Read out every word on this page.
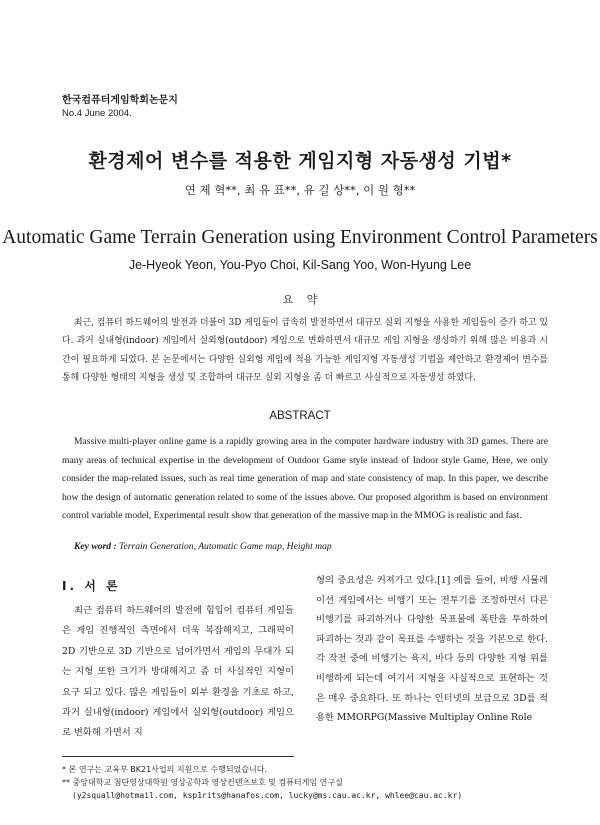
한국컴퓨터게임학회논문지
No.4 June 2004.
환경제어 변수를 적용한 게임지형 자동생성 기법*
연 제 혁**, 최 유 표**, 유 길 상**, 이 원 형**
Automatic Game Terrain Generation using Environment Control Parameters
Je-Hyeok Yeon, You-Pyo Choi, Kil-Sang Yoo, Won-Hyung Lee
요 약

최근, 컴퓨터 하드웨어의 발전과 더불어 3D 게임들이 급속히 발전하면서 대규모 실외 지형을 사용한 게임들이 증가 하고 있다. 과거 실내형(indoor) 게임에서 실외형(outdoor) 게임으로 변화하면서 대규모 게임 지형을 생성하기 위해 많은 비용과 시간이 필요하게 되었다. 본 논문에서는 다양한 실외형 게임에 적용 가능한 게임지형 자동생성 기법을 제안하고 환경제어 변수를 통해 다양한 형태의 지형을 생성 및 조합하여 대규모 실외 지형을 좀 더 빠르고 사실적으로 자동생성 하였다.

ABSTRACT

Massive multi-player online game is a rapidly growing area in the computer hardware industry with 3D games. There are many areas of technical expertise in the development of Outdoor Game style instead of Indoor style Game, Here, we only consider the map-related issues, such as real time generation of map and state consistency of map. In this paper, we describe how the design of automatic generation related to some of the issues above. Our proposed algorithm is based on environment control variable model, Experimental result show that generation of the massive map in the MMOG is realistic and fast.

Key word : Terrain Generation, Automatic Game map, Height map
Ⅰ. 서 론

최근 컴퓨터 하드웨어의 발전에 힘입어 컴퓨터 게임들은 게임 진행적인 측면에서 더욱 복잡해지고, 그래픽이 2D 기반으로 3D 기반으로 넘어가면서 게임의 무대가 되는 지형 또한 크기가 방대해지고 좀 더 사실적인 지형이 요구 되고 있다. 많은 게임들이 외부 환경을 기초로 하고, 과거 실내형(indoor) 게임에서 실외형(outdoor) 게임으로 변화해 가면서 지

형의 중요성은 커져가고 있다.[1] 예를 들어, 비행 시뮬레이션 게임에서는 비행기 또는 전투기를 조정하면서 다른 비행기를 파괴하거나 다양한 목표물에 폭탄을 투하하여 파괴하는 것과 같이 목표를 수행하는 것을 기본으로 한다. 각 작전 중에 비행기는 육지, 바다 등의 다양한 지형 위를 비행하게 되는데 여기서 지형을 사실적으로 표현하는 것은 매우 중요하다. 또 하나는 인터넷의 보급으로 3D를 적용한 MMORPG(Massive Multiplay Online Role

* 본 연구는 교육부 BK21사업의 지원으로 수행되었습니다.
** 중앙대학교 첨단영상대학원 영상공학과 영상컨텐츠보호 및 컴퓨터게임 연구실
(y2squall@hotmail.com, ksp1rits@hanafos.com, lucky@ms.cau.ac.kr, whlee@cau.ac.kr)
